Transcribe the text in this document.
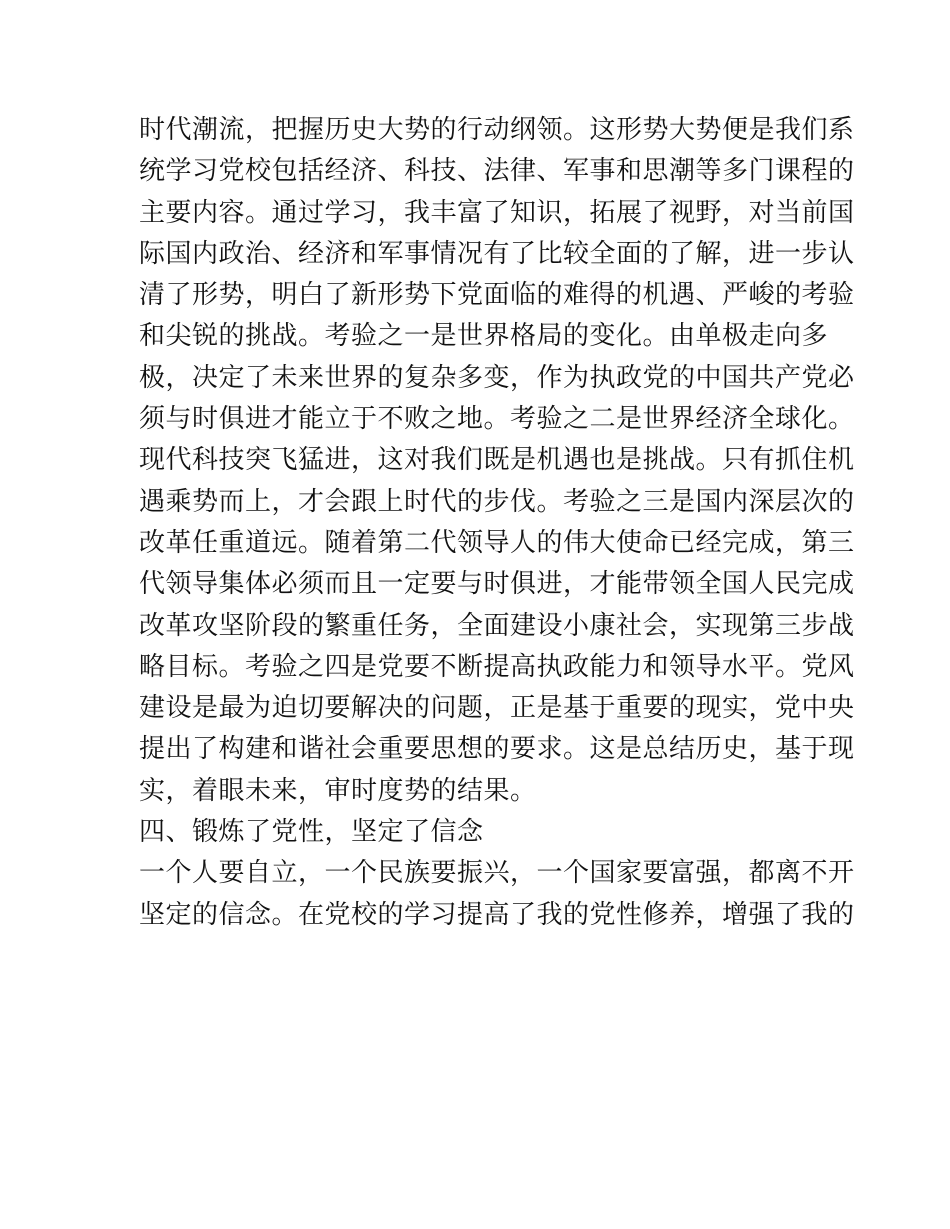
时代潮流，把握历史大势的行动纲领。这形势大势便是我们系
统学习党校包括经济、科技、法律、军事和思潮等多门课程的
主要内容。通过学习，我丰富了知识，拓展了视野，对当前国
际国内政治、经济和军事情况有了比较全面的了解，进一步认
清了形势，明白了新形势下党面临的难得的机遇、严峻的考验
和尖锐的挑战。考验之一是世界格局的变化。由单极走向多
极，决定了未来世界的复杂多变，作为执政党的中国共产党必
须与时俱进才能立于不败之地。考验之二是世界经济全球化。
现代科技突飞猛进，这对我们既是机遇也是挑战。只有抓住机
遇乘势而上，才会跟上时代的步伐。考验之三是国内深层次的
改革任重道远。随着第二代领导人的伟大使命已经完成，第三
代领导集体必须而且一定要与时俱进，才能带领全国人民完成
改革攻坚阶段的繁重任务，全面建设小康社会，实现第三步战
略目标。考验之四是党要不断提高执政能力和领导水平。党风
建设是最为迫切要解决的问题，正是基于重要的现实，党中央
提出了构建和谐社会重要思想的要求。这是总结历史，基于现
实，着眼未来，审时度势的结果。
四、锻炼了党性，坚定了信念
一个人要自立，一个民族要振兴，一个国家要富强，都离不开
坚定的信念。在党校的学习提高了我的党性修养，增强了我的
